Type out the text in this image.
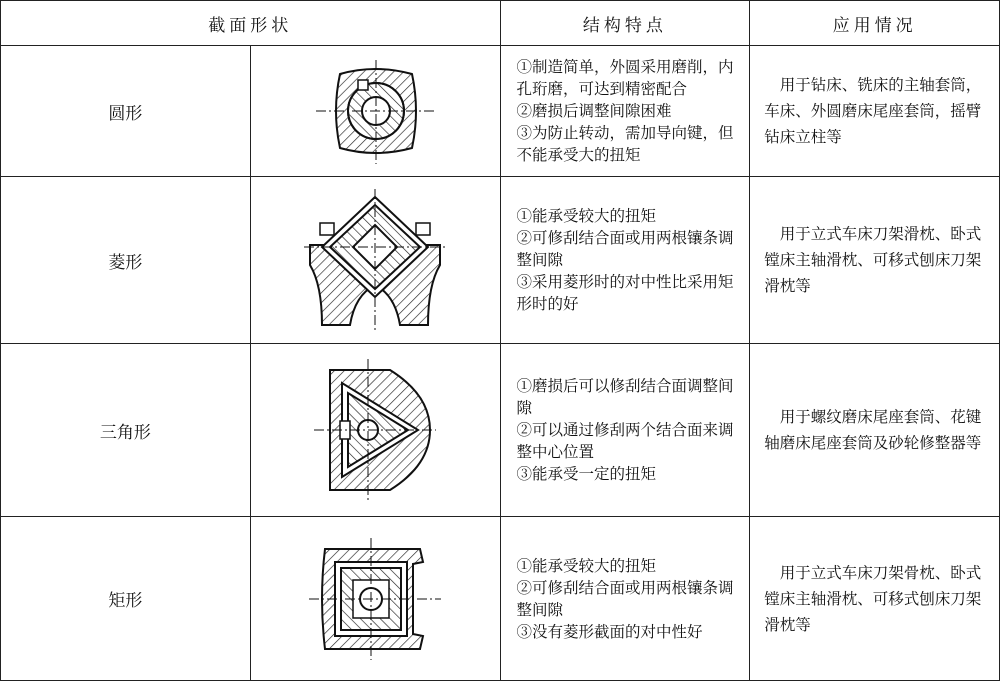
截面形状		结构特点	应用情况
圆形		①制造简单，外圆采用磨削，内孔珩磨，可达到精密配合
②磨损后调整间隙困难
③为防止转动，需加导向键，但不能承受大的扭矩	用于钻床、铣床的主轴套筒，车床、外圆磨床尾座套筒，摇臂钻床立柱等
菱形		①能承受较大的扭矩
②可修刮结合面或用两根镶条调整间隙
③采用菱形时的对中性比采用矩形时的好	用于立式车床刀架滑枕、卧式镗床主轴滑枕、可移式刨床刀架滑枕等
三角形		①磨损后可以修刮结合面调整间隙
②可以通过修刮两个结合面来调整中心位置
③能承受一定的扭矩	用于螺纹磨床尾座套筒、花键轴磨床尾座套筒及砂轮修整器等
矩形		①能承受较大的扭矩
②可修刮结合面或用两根镶条调整间隙
③没有菱形截面的对中性好	用于立式车床刀架骨枕、卧式镗床主轴滑枕、可移式刨床刀架滑枕等
